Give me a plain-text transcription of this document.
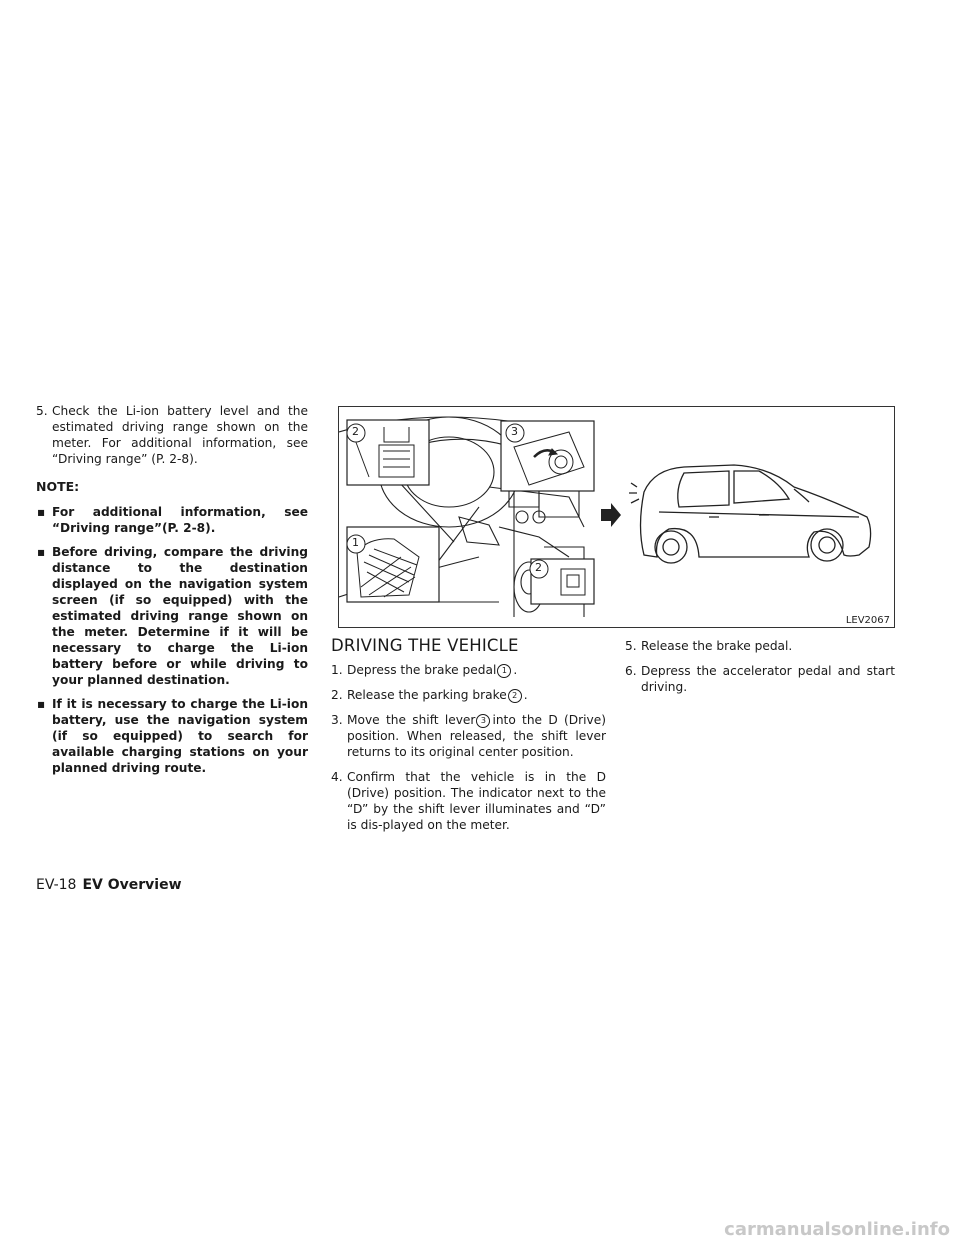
5. Check the Li-ion battery level and the estimated driving range shown on the meter. For additional information, see “Driving range” (P. 2-8).

NOTE:
▪ For additional information, see “Driving range”(P. 2-8).
▪ Before driving, compare the driving distance to the destination displayed on the navigation system screen (if so equipped) with the estimated driving range shown on the meter. Determine if it will be necessary to charge the Li-ion battery before or while driving to your planned destination.
▪ If it is necessary to charge the Li-ion battery, use the navigation system (if so equipped) to search for available charging stations on your planned driving route.
2	3
1
2
LEV2067
DRIVING THE VEHICLE

1. Depress the brake pedal 1 .

2. Release the parking brake 2 .

3. Move the shift lever 3 into the D (Drive) position. When released, the shift lever returns to its original center position.

4. Confirm that the vehicle is in the D (Drive) position. The indicator next to the “D” by the shift lever illuminates and “D” is dis-played on the meter.

5. Release the brake pedal.

6. Depress the accelerator pedal and start driving.

EV-18 EV Overview
carmanualsonline.info
